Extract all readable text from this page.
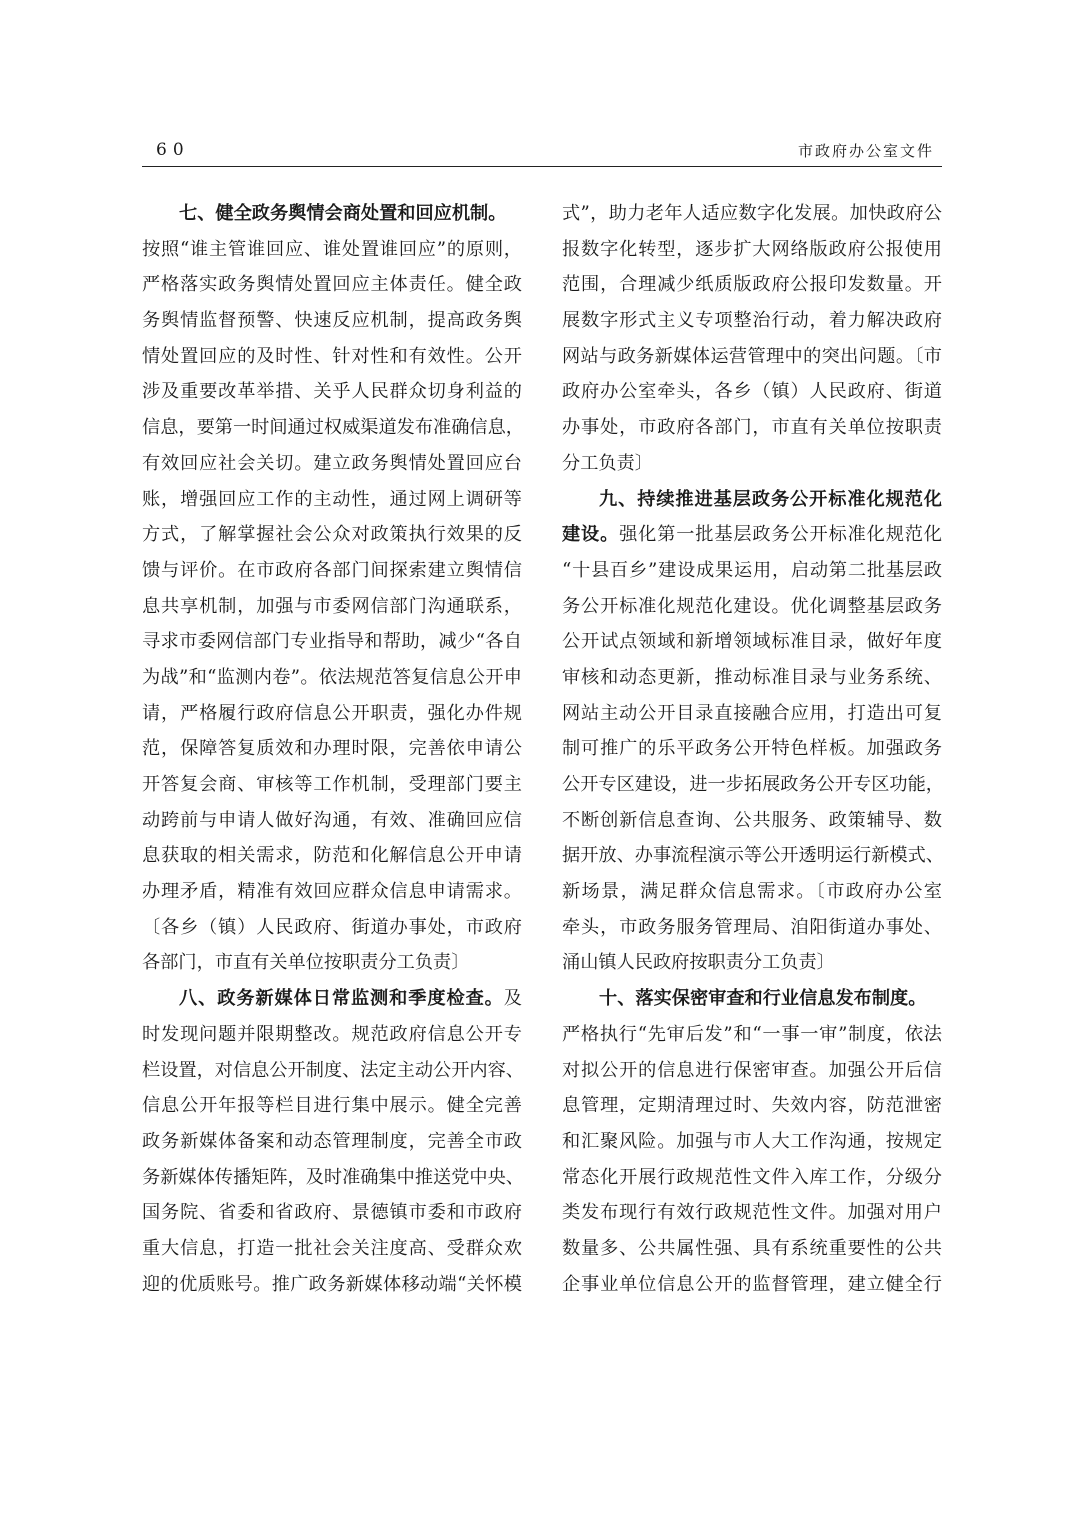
60	市政府办公室文件
七、健全政务舆情会商处置和回应机制。
按照“谁主管谁回应、谁处置谁回应”的原则，
严格落实政务舆情处置回应主体责任。健全政
务舆情监督预警、快速反应机制，提高政务舆
情处置回应的及时性、针对性和有效性。公开
涉及重要改革举措、关乎人民群众切身利益的
信息，要第一时间通过权威渠道发布准确信息，
有效回应社会关切。建立政务舆情处置回应台
账，增强回应工作的主动性，通过网上调研等
方式，了解掌握社会公众对政策执行效果的反
馈与评价。在市政府各部门间探索建立舆情信
息共享机制，加强与市委网信部门沟通联系，
寻求市委网信部门专业指导和帮助，减少“各自
为战”和“监测内卷”。依法规范答复信息公开申
请，严格履行政府信息公开职责，强化办件规
范，保障答复质效和办理时限，完善依申请公
开答复会商、审核等工作机制，受理部门要主
动跨前与申请人做好沟通，有效、准确回应信
息获取的相关需求，防范和化解信息公开申请
办理矛盾，精准有效回应群众信息申请需求。
〔各乡（镇）人民政府、街道办事处，市政府
各部门，市直有关单位按职责分工负责〕
八、政务新媒体日常监测和季度检查。及
时发现问题并限期整改。规范政府信息公开专
栏设置，对信息公开制度、法定主动公开内容、
信息公开年报等栏目进行集中展示。健全完善
政务新媒体备案和动态管理制度，完善全市政
务新媒体传播矩阵，及时准确集中推送党中央、
国务院、省委和省政府、景德镇市委和市政府
重大信息，打造一批社会关注度高、受群众欢
迎的优质账号。推广政务新媒体移动端“关怀模
式”，助力老年人适应数字化发展。加快政府公
报数字化转型，逐步扩大网络版政府公报使用
范围，合理减少纸质版政府公报印发数量。开
展数字形式主义专项整治行动，着力解决政府
网站与政务新媒体运营管理中的突出问题。〔市
政府办公室牵头，各乡（镇）人民政府、街道
办事处，市政府各部门，市直有关单位按职责
分工负责〕
九、持续推进基层政务公开标准化规范化
建设。强化第一批基层政务公开标准化规范化
“十县百乡”建设成果运用，启动第二批基层政
务公开标准化规范化建设。优化调整基层政务
公开试点领域和新增领域标准目录，做好年度
审核和动态更新，推动标准目录与业务系统、
网站主动公开目录直接融合应用，打造出可复
制可推广的乐平政务公开特色样板。加强政务
公开专区建设，进一步拓展政务公开专区功能，
不断创新信息查询、公共服务、政策辅导、数
据开放、办事流程演示等公开透明运行新模式、
新场景，满足群众信息需求。〔市政府办公室
牵头，市政务服务管理局、洎阳街道办事处、
涌山镇人民政府按职责分工负责〕
十、落实保密审查和行业信息发布制度。
严格执行“先审后发”和“一事一审”制度，依法
对拟公开的信息进行保密审查。加强公开后信
息管理，定期清理过时、失效内容，防范泄密
和汇聚风险。加强与市人大工作沟通，按规定
常态化开展行政规范性文件入库工作，分级分
类发布现行有效行政规范性文件。加强对用户
数量多、公共属性强、具有系统重要性的公共
企事业单位信息公开的监督管理，建立健全行
